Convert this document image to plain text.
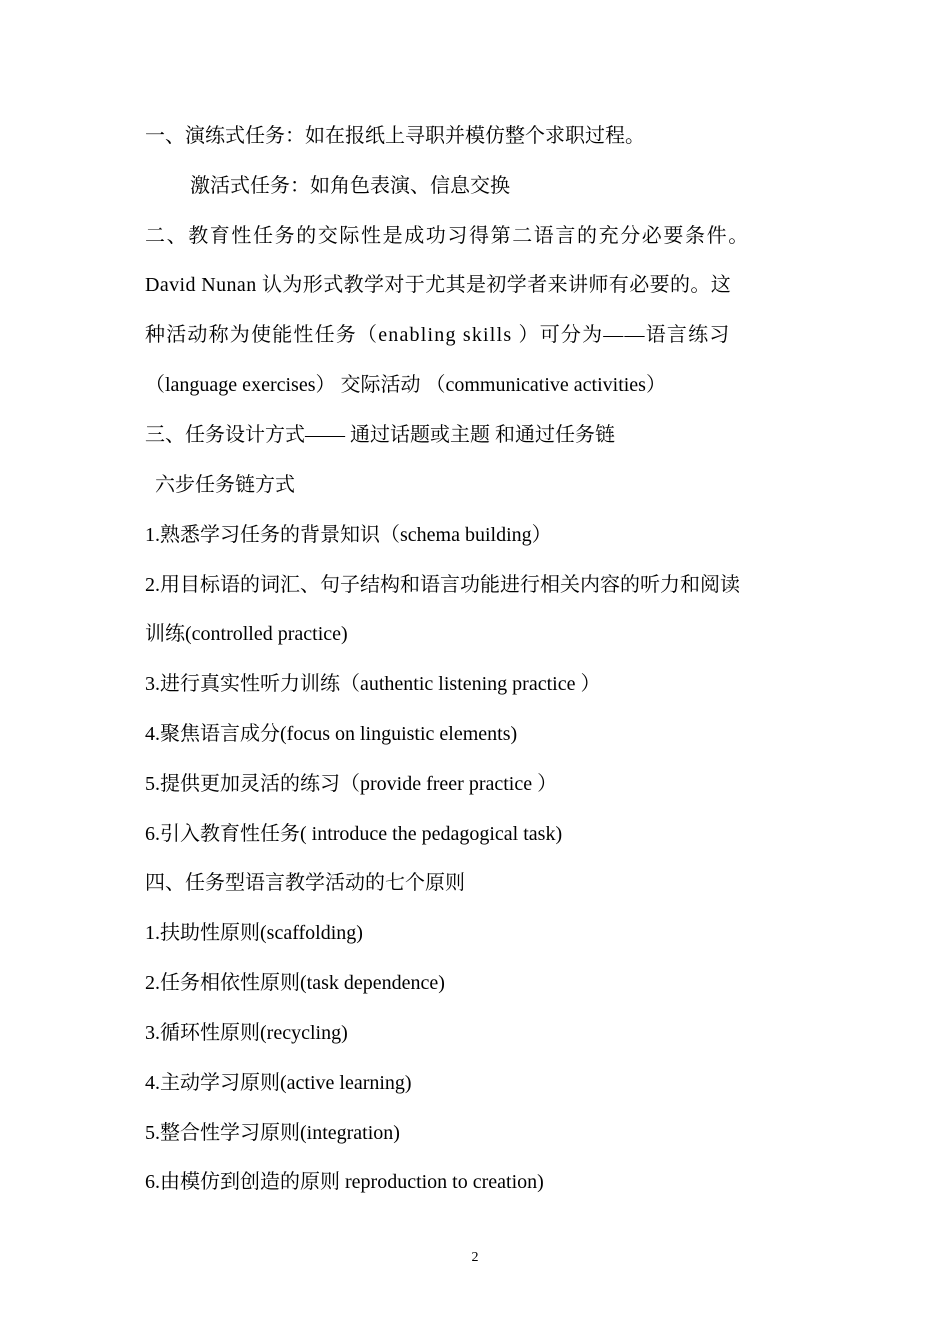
一、演练式任务：如在报纸上寻职并模仿整个求职过程。
激活式任务：如角色表演、信息交换
二、教育性任务的交际性是成功习得第二语言的充分必要条件。
David Nunan 认为形式教学对于尤其是初学者来讲师有必要的。这
种活动称为使能性任务（enabling skills ）可分为——语言练习
（language exercises） 交际活动 （communicative activities）
三、任务设计方式—— 通过话题或主题 和通过任务链
六步任务链方式
1.熟悉学习任务的背景知识（schema building）
2.用目标语的词汇、句子结构和语言功能进行相关内容的听力和阅读
训练(controlled practice)
3.进行真实性听力训练（authentic listening practice ）
4.聚焦语言成分(focus on linguistic elements)
5.提供更加灵活的练习（provide freer practice ）
6.引入教育性任务( introduce the pedagogical task)
四、任务型语言教学活动的七个原则
1.扶助性原则(scaffolding)
2.任务相依性原则(task dependence)
3.循环性原则(recycling)
4.主动学习原则(active learning)
5.整合性学习原则(integration)
6.由模仿到创造的原则 reproduction to creation)
2
